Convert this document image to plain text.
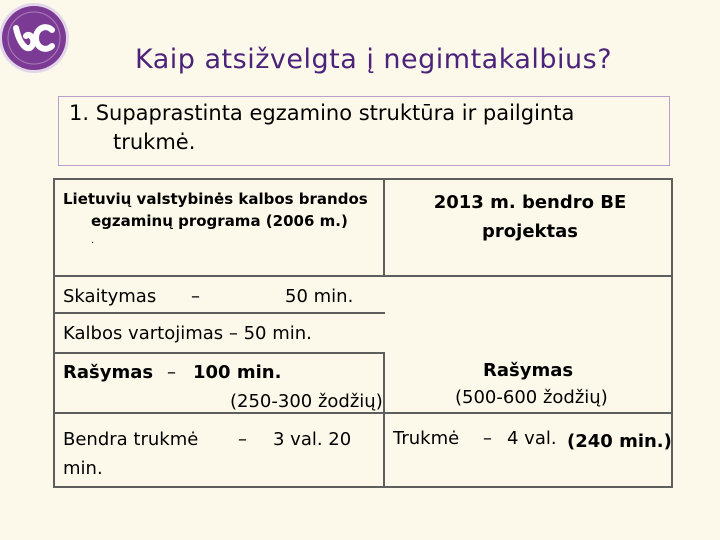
Kaip atsižvelgta į negimtakalbius?
1. Supaprastinta egzamino struktūra ir pailginta
trukmė.
Lietuvių valstybinės kalbos brandos
egzaminų programa (2006 m.)
.
2013 m. bendro BE
projektas
Skaitymas –	50 min.
Kalbos vartojimas – 50 min.
Rašymas – 100 min.
(250-300 žodžių)
Rašymas
(500-600 žodžių)
Bendra trukmė – 3 val. 20
min.
Trukmė – 4 val. (240 min.)
